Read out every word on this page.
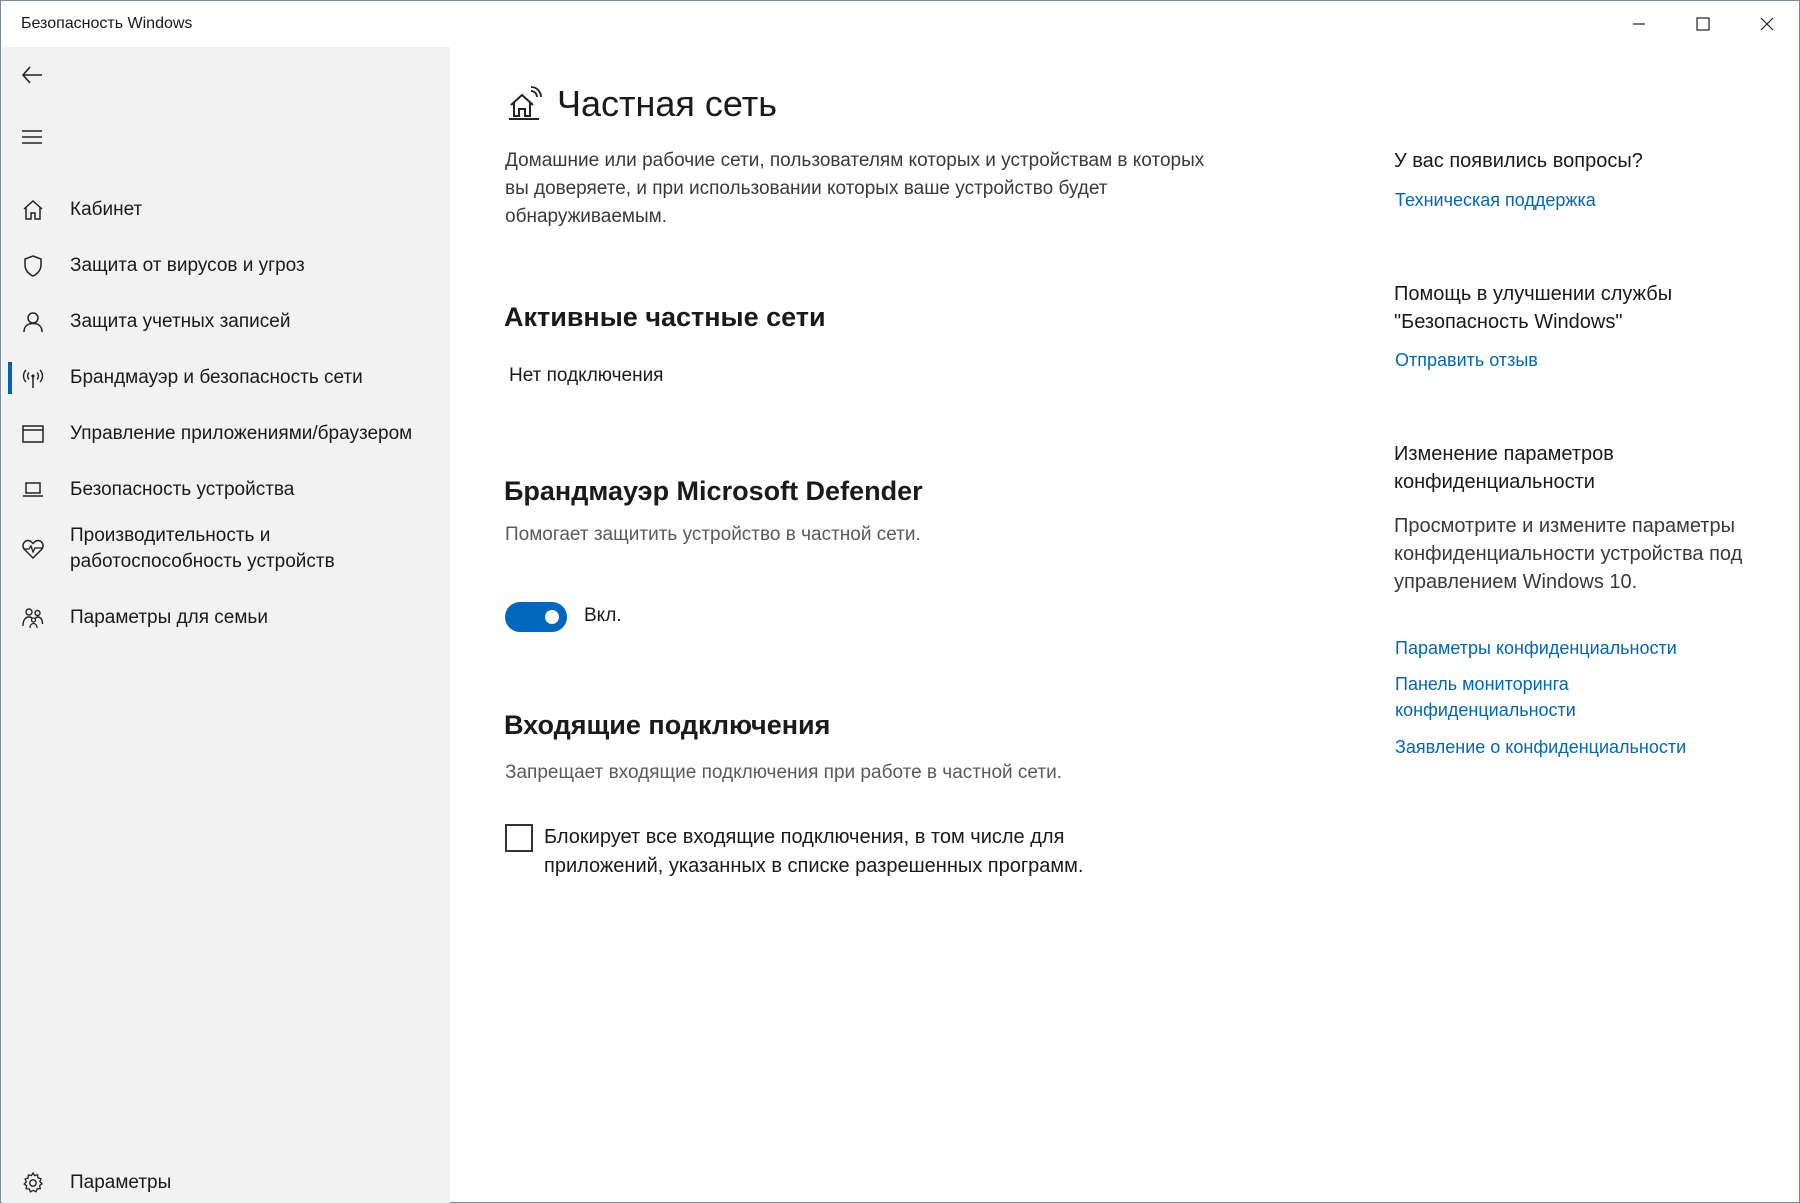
Безопасность Windows
Кабинет
Защита от вирусов и угроз
Защита учетных записей
Брандмауэр и безопасность сети
Управление приложениями/браузером
Безопасность устройства
Производительность и работоспособность устройств
Параметры для семьи
Параметры
Частная сеть

Домашние или рабочие сети, пользователям которых и устройствам в которых вы доверяете, и при использовании которых ваше устройство будет обнаруживаемым.

Активные частные сети
Нет подключения
Брандмауэр Microsoft Defender
Помогает защитить устройство в частной сети.
Вкл.
Входящие подключения
Запрещает входящие подключения при работе в частной сети.
Блокирует все входящие подключения, в том числе для приложений, указанных в списке разрешенных программ.
У вас появились вопросы?
Техническая поддержка
Помощь в улучшении службы "Безопасность Windows"
Отправить отзыв
Изменение параметров конфиденциальности
Просмотрите и измените параметры конфиденциальности устройства под управлением Windows 10.
Параметры конфиденциальности
Панель мониторинга конфиденциальности
Заявление о конфиденциальности
